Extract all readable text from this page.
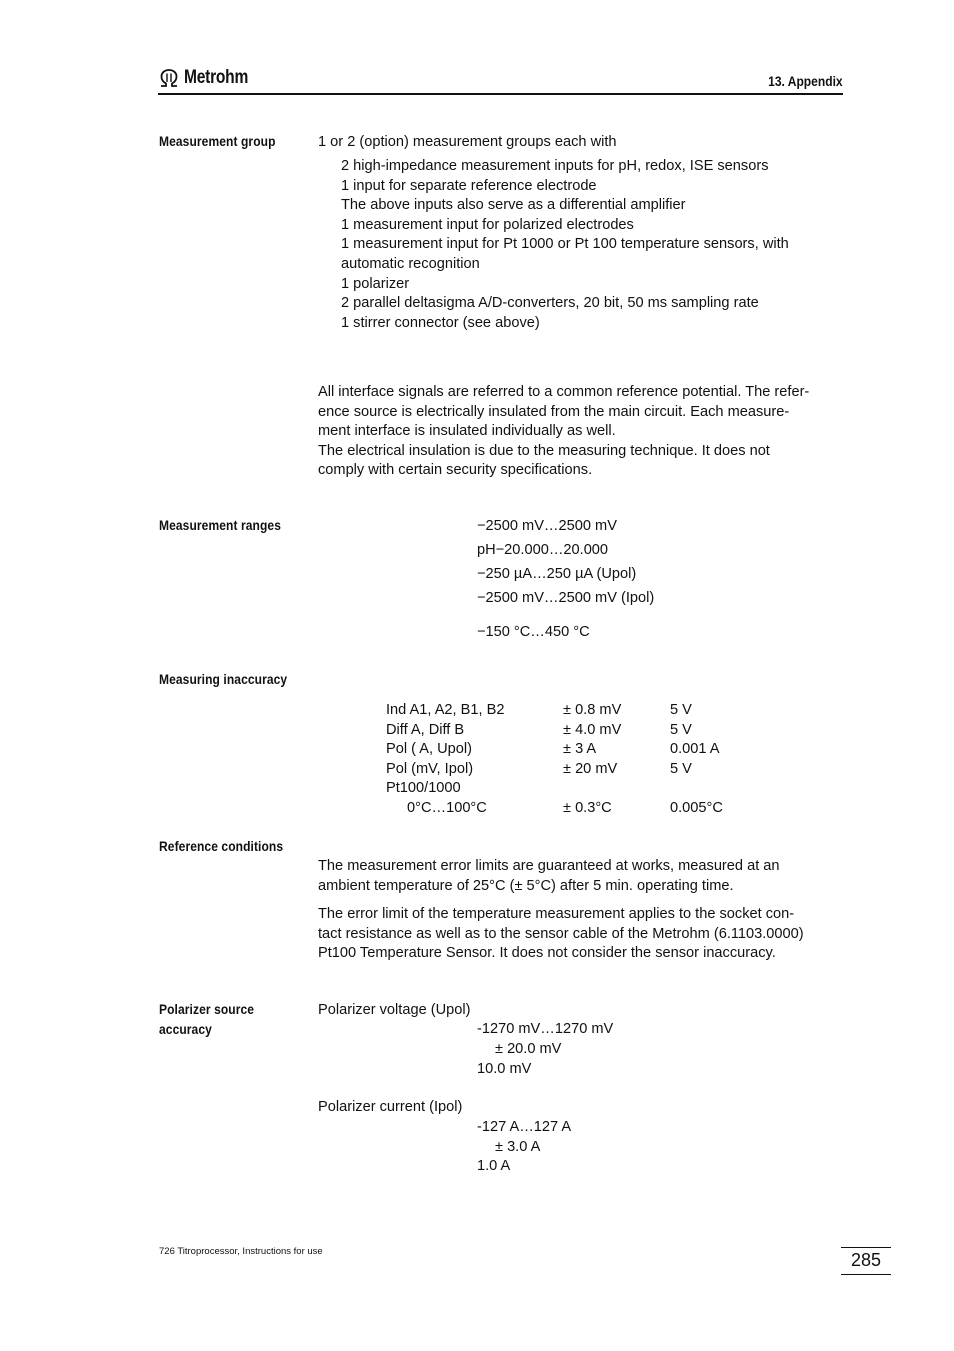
Metrohm	13. Appendix
Measurement group	1 or 2 (option) measurement groups each with
2 high-impedance measurement inputs for pH, redox, ISE sensors
1 input for separate reference electrode
The above inputs also serve as a differential amplifier
1 measurement input for polarized electrodes
1 measurement input for Pt 1000 or Pt 100 temperature sensors, with
automatic recognition
1 polarizer
2 parallel deltasigma A/D-converters, 20 bit, 50 ms sampling rate
1 stirrer connector (see above)
All interface signals are referred to a common reference potential. The refer-
ence source is electrically insulated from the main circuit. Each measure-
ment interface is insulated individually as well.
The electrical insulation is due to the measuring technique. It does not
comply with certain security specifications.
Measurement ranges	−2500 mV…2500 mV
pH−20.000…20.000
−250 µA…250 µA (Upol)
−2500 mV…2500 mV (Ipol)
−150 °C…450 °C
Measuring inaccuracy
Ind A1, A2, B1, B2	± 0.8 mV	5 V
Diff A, Diff B	± 4.0 mV	5 V
Pol ( A, Upol)	± 3 A	0.001 A
Pol (mV, Ipol)	± 20 mV	5 V
Pt100/1000
0°C…100°C	± 0.3°C	0.005°C
Reference conditions
The measurement error limits are guaranteed at works, measured at an
ambient temperature of 25°C (± 5°C) after 5 min. operating time.
The error limit of the temperature measurement applies to the socket con-
tact resistance as well as to the sensor cable of the Metrohm (6.1103.0000)
Pt100 Temperature Sensor. It does not consider the sensor inaccuracy.
Polarizer source
accuracy
Polarizer voltage (Upol)
-1270 mV…1270 mV
± 20.0 mV
10.0 mV
Polarizer current (Ipol)
-127 A…127 A
± 3.0 A
1.0 A
726 Titroprocessor, Instructions for use	285
